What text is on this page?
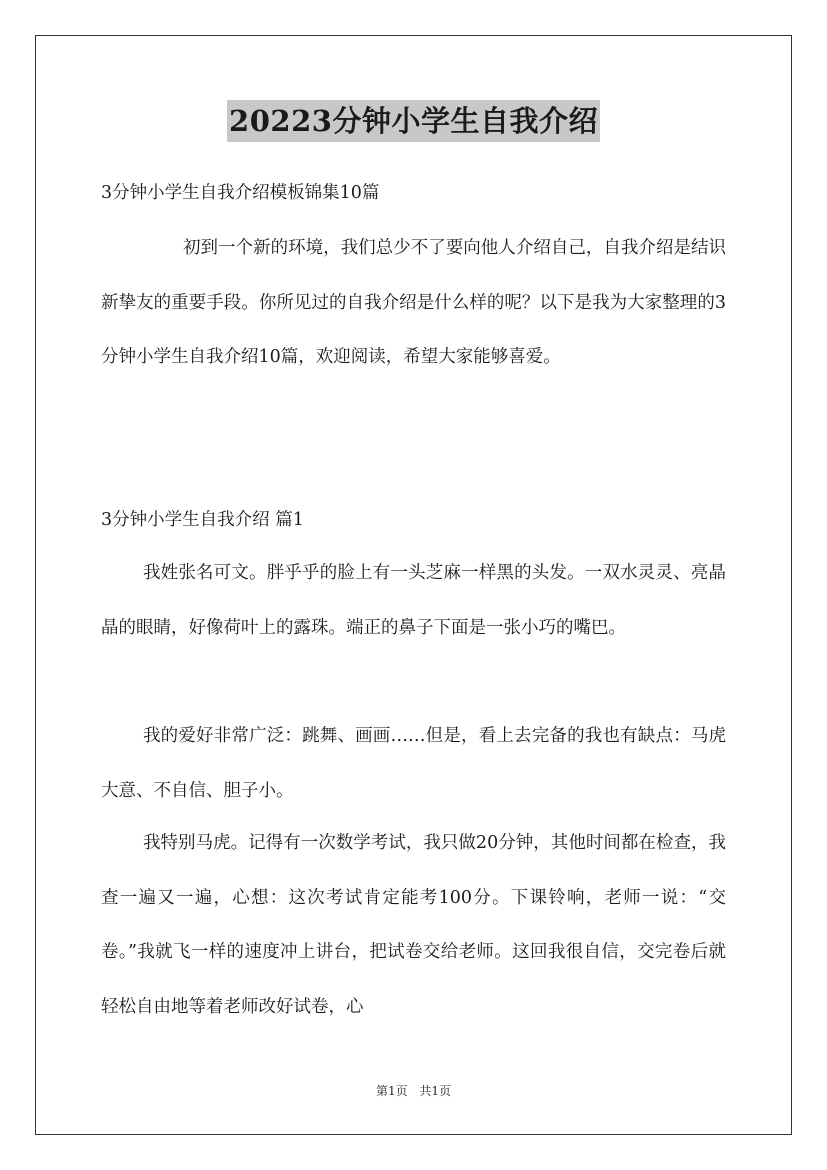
20223分钟小学生自我介绍
3分钟小学生自我介绍模板锦集10篇
初到一个新的环境，我们总少不了要向他人介绍自己，自我介绍是结识新挚友的重要手段。你所见过的自我介绍是什么样的呢？以下是我为大家整理的3分钟小学生自我介绍10篇，欢迎阅读，希望大家能够喜爱。
3分钟小学生自我介绍 篇1
我姓张名可文。胖乎乎的脸上有一头芝麻一样黑的头发。一双水灵灵、亮晶晶的眼睛，好像荷叶上的露珠。端正的鼻子下面是一张小巧的嘴巴。
我的爱好非常广泛：跳舞、画画……但是，看上去完备的我也有缺点：马虎大意、不自信、胆子小。
我特别马虎。记得有一次数学考试，我只做20分钟，其他时间都在检查，我查一遍又一遍，心想：这次考试肯定能考100分。下课铃响，老师一说：“交卷。”我就飞一样的速度冲上讲台，把试卷交给老师。这回我很自信，交完卷后就轻松自由地等着老师改好试卷，心
第1页 共1页
